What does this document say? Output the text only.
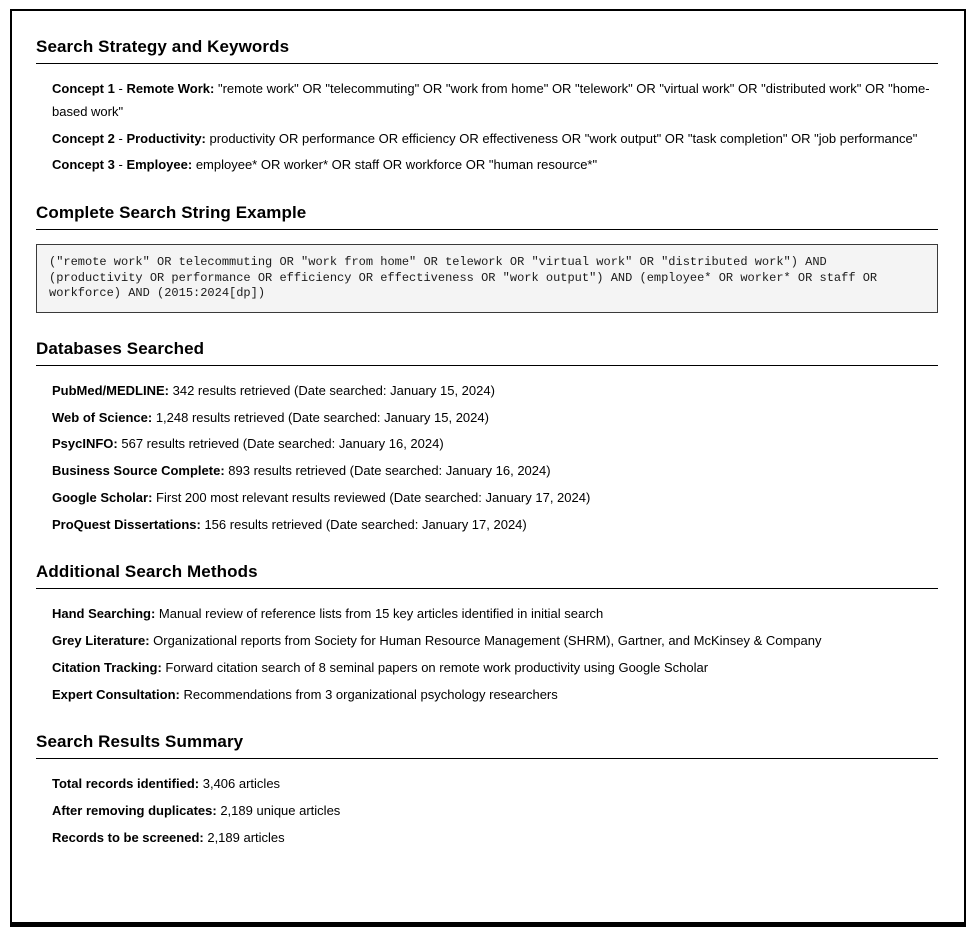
Search Strategy and Keywords

Concept 1 - Remote Work: "remote work" OR "telecommuting" OR "work from home" OR "telework" OR "virtual work" OR "distributed work" OR "home-based work"

Concept 2 - Productivity: productivity OR performance OR efficiency OR effectiveness OR "work output" OR "task completion" OR "job performance"

Concept 3 - Employee: employee* OR worker* OR staff OR workforce OR "human resource*"

Complete Search String Example
("remote work" OR telecommuting OR "work from home" OR telework OR "virtual work" OR "distributed work") AND (productivity OR performance OR efficiency OR effectiveness OR "work output") AND (employee* OR worker* OR staff OR workforce) AND (2015:2024[dp])
Databases Searched

PubMed/MEDLINE: 342 results retrieved (Date searched: January 15, 2024)

Web of Science: 1,248 results retrieved (Date searched: January 15, 2024)

PsycINFO: 567 results retrieved (Date searched: January 16, 2024)

Business Source Complete: 893 results retrieved (Date searched: January 16, 2024)

Google Scholar: First 200 most relevant results reviewed (Date searched: January 17, 2024)

ProQuest Dissertations: 156 results retrieved (Date searched: January 17, 2024)

Additional Search Methods

Hand Searching: Manual review of reference lists from 15 key articles identified in initial search

Grey Literature: Organizational reports from Society for Human Resource Management (SHRM), Gartner, and McKinsey & Company

Citation Tracking: Forward citation search of 8 seminal papers on remote work productivity using Google Scholar

Expert Consultation: Recommendations from 3 organizational psychology researchers

Search Results Summary

Total records identified: 3,406 articles

After removing duplicates: 2,189 unique articles

Records to be screened: 2,189 articles
